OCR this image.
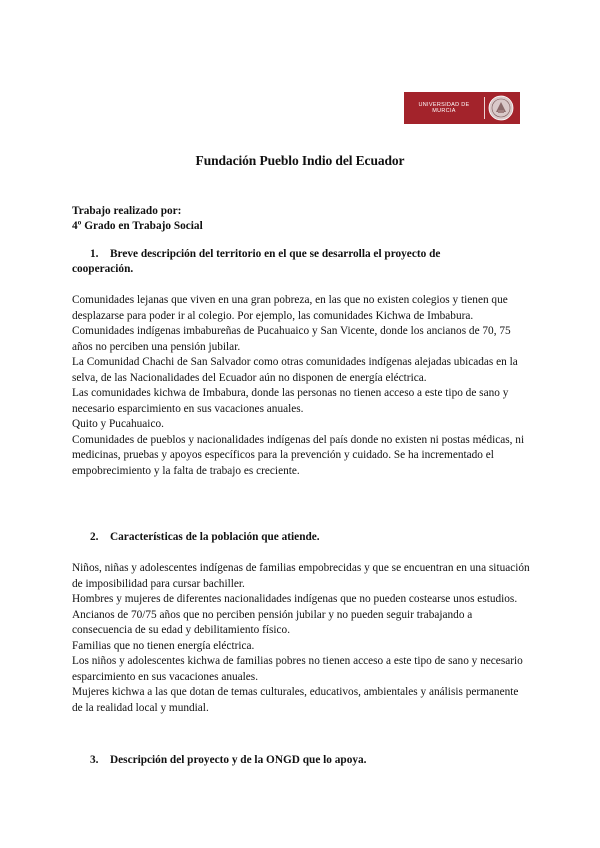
UNIVERSIDAD DE
MURCIA
Fundación Pueblo Indio del Ecuador
Trabajo realizado por:
4º Grado en Trabajo Social
1. Breve descripción del territorio en el que se desarrolla el proyecto de
cooperación.

Comunidades lejanas que viven en una gran pobreza, en las que no existen colegios y tienen que desplazarse para poder ir al colegio. Por ejemplo, las comunidades Kichwa de Imbabura.

Comunidades indígenas imbabureñas de Pucahuaico y San Vicente, donde los ancianos de 70, 75 años no perciben una pensión jubilar.

La Comunidad Chachi de San Salvador como otras comunidades indígenas alejadas ubicadas en la selva, de las Nacionalidades del Ecuador aún no disponen de energía eléctrica.

Las comunidades kichwa de Imbabura, donde las personas no tienen acceso a este tipo de sano y necesario esparcimiento en sus vacaciones anuales.

Quito y Pucahuaico.

Comunidades de pueblos y nacionalidades indígenas del país donde no existen ni postas médicas, ni medicinas, pruebas y apoyos específicos para la prevención y cuidado. Se ha incrementado el empobrecimiento y la falta de trabajo es creciente.

2. Características de la población que atiende.

Niños, niñas y adolescentes indígenas de familias empobrecidas y que se encuentran en una situación de imposibilidad para cursar bachiller.

Hombres y mujeres de diferentes nacionalidades indígenas que no pueden costearse unos estudios.

Ancianos de 70/75 años que no perciben pensión jubilar y no pueden seguir trabajando a consecuencia de su edad y debilitamiento físico.

Familias que no tienen energía eléctrica.

Los niños y adolescentes kichwa de familias pobres no tienen acceso a este tipo de sano y necesario esparcimiento en sus vacaciones anuales.

Mujeres kichwa a las que dotan de temas culturales, educativos, ambientales y análisis permanente de la realidad local y mundial.

3. Descripción del proyecto y de la ONGD que lo apoya.
